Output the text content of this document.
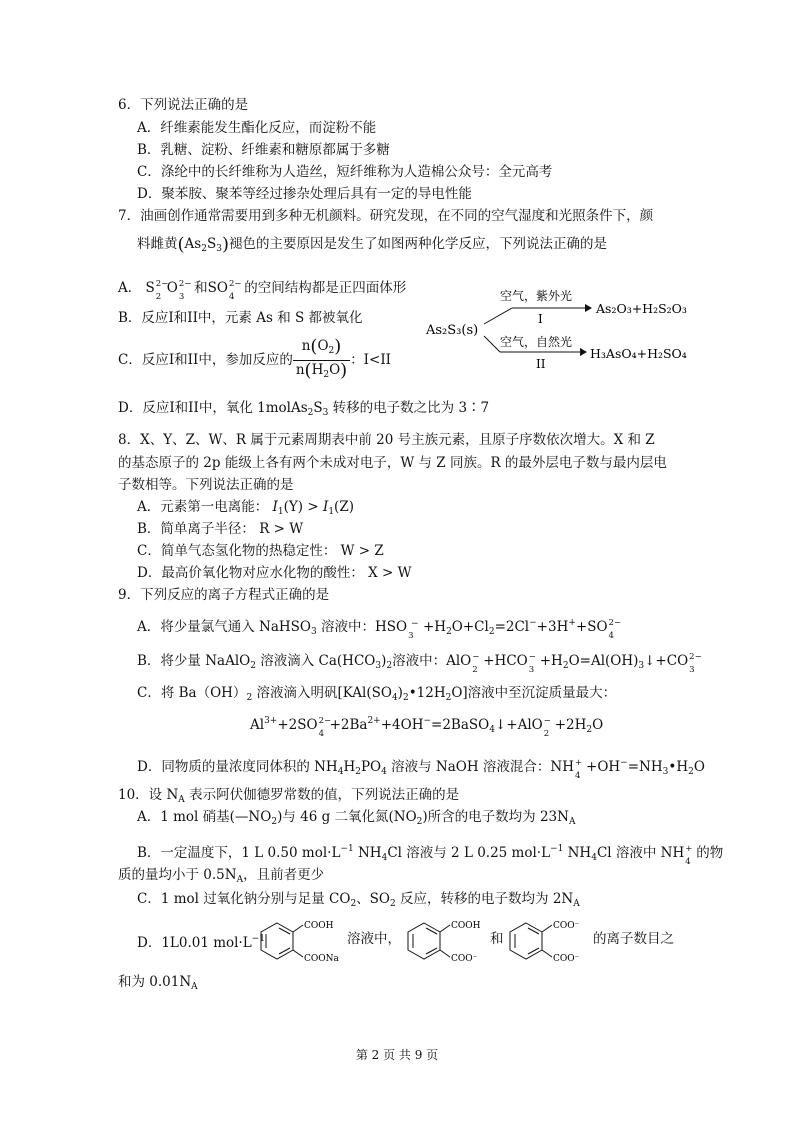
6．下列说法正确的是
A．纤维素能发生酯化反应，而淀粉不能
B．乳糖、淀粉、纤维素和糖原都属于多糖
C．涤纶中的长纤维称为人造丝，短纤维称为人造棉公众号：全元高考
D．聚苯胺、聚苯等经过掺杂处理后具有一定的导电性能
7．油画创作通常需要用到多种无机颜料。研究发现，在不同的空气湿度和光照条件下，颜
料雌黄$(As_2S_3)$褪色的主要原因是发生了如图两种化学反应，下列说法正确的是
A． S 2−
2
O 2−
3
和SO 2−
4
的空间结构都是正四面体形
B．反应I和II中，元素 As 和 S 都被氧化
C．反应I和II中，参加反应的 $\frac{n(O_2)}{n(H_2O)}$ ：I<II
D．反应I和II中，氧化 $1molAs_2S_3$ 转移的电子数之比为 3∶7
As₂S₃(s)
空气，紫外光
I
As₂O₃+H₂S₂O₃
空气，自然光
II
H₃AsO₄+H₂SO₄
8．X、Y、Z、W、R 属于元素周期表中前 20 号主族元素，且原子序数依次增大。X 和 Z
的基态原子的 2p 能级上各有两个未成对电子，W 与 Z 同族。R 的最外层电子数与最内层电
子数相等。下列说法正确的是
A．元素第一电离能： $I_1(Y) > I_1(Z)$
B．简单离子半径： R > W
C．简单气态氢化物的热稳定性： W > Z
D．最高价氧化物对应水化物的酸性： X > W
9．下列反应的离子方程式正确的是
A．将少量氯气通入 NaHSO$_3$ 溶液中：HSO
3
$^- +H_2O+Cl_2=2Cl^-+3H^++SO$ 2−
4
B．将少量 NaAlO$_2$ 溶液滴入 $Ca(HCO_3)_2$溶液中：AlO −
2
+HCO −
3
$+H_2O=Al(OH)_3↓+CO$ 2−
3
C．将 $Ba(OH)_2$ 溶液滴入明矾$[KAl(SO_4)_2•12H_2O]$溶液中至沉淀质量最大：
$Al^{3+}+2SO$ 2−
4
$+2Ba^{2+}+4OH^-=2BaSO_4↓+AlO$ −
2
$+2H_2O$
D．同物质的量浓度同体积的 $NH_4H_2PO_4$ 溶液与 NaOH 溶液混合：NH +
4
$+OH^-=NH_3•H_2O$
10．设 $N_A$ 表示阿伏伽德罗常数的值，下列说法正确的是
A．1 mol 硝基$(—NO_2)$与 46 g 二氧化氮$(NO_2)$所含的电子数均为 $23N_A$
B．一定温度下，1 L 0.50 $mol\cdot L^{-1}$ $NH_4Cl$ 溶液与 2 L 0.25 $mol\cdot L^{-1}$ $NH_4Cl$ 溶液中 NH +
4
的物
质的量均小于 $0.5N_A$，且前者更少
C．1 mol 过氧化钠分别与足量 $CO_2$、$SO_2$ 反应，转移的电子数均为 $2N_A$
D．1L0.01 $mol\cdot L^{-1}$
COOH
COONa
溶液中，
COOH
COO⁻
和
COO⁻
COO⁻
的离子数目之
和为 $0.01N_A$
第 2 页 共 9 页
